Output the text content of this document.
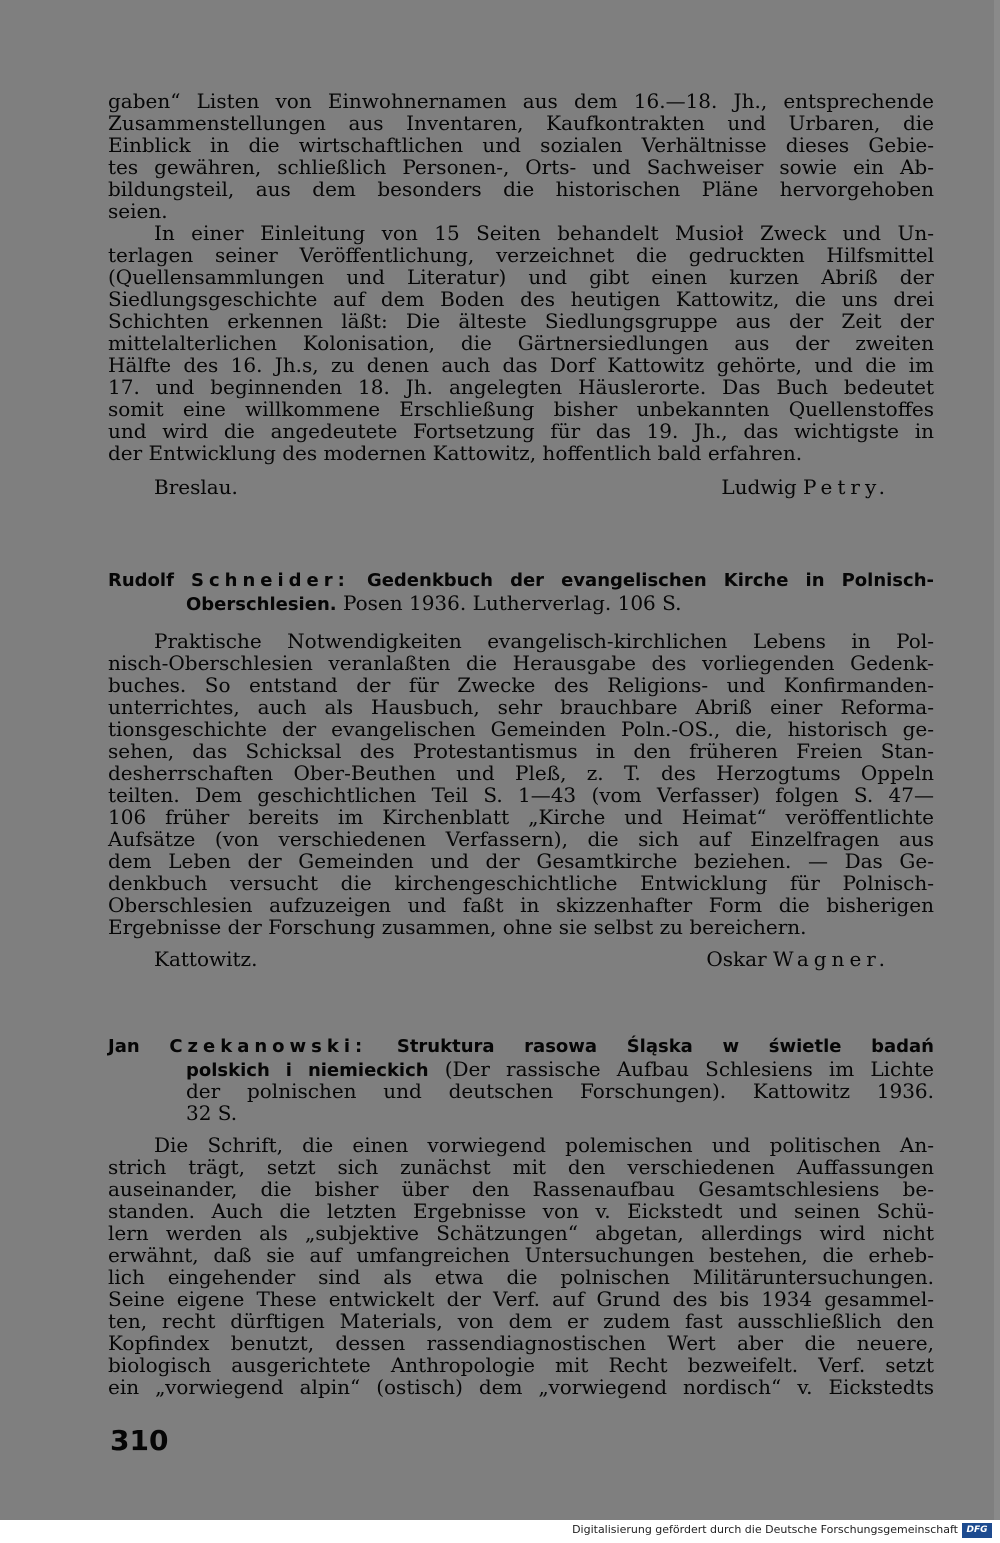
gaben“ Listen von Einwohnernamen aus dem 16.—18. Jh., entsprechende
Zusammenstellungen aus Inventaren, Kaufkontrakten und Urbaren, die
Einblick in die wirtschaftlichen und sozialen Verhältnisse dieses Gebie-
tes gewähren, schließlich Personen-, Orts- und Sachweiser sowie ein Ab-
bildungsteil, aus dem besonders die historischen Pläne hervorgehoben
seien.
In einer Einleitung von 15 Seiten behandelt Musioł Zweck und Un-
terlagen seiner Veröffentlichung, verzeichnet die gedruckten Hilfsmittel
(Quellensammlungen und Literatur) und gibt einen kurzen Abriß der
Siedlungsgeschichte auf dem Boden des heutigen Kattowitz, die uns drei
Schichten erkennen läßt: Die älteste Siedlungsgruppe aus der Zeit der
mittelalterlichen Kolonisation, die Gärtnersiedlungen aus der zweiten
Hälfte des 16. Jh.s, zu denen auch das Dorf Kattowitz gehörte, und die im
17. und beginnenden 18. Jh. angelegten Häuslerorte. Das Buch bedeutet
somit eine willkommene Erschließung bisher unbekannten Quellenstoffes
und wird die angedeutete Fortsetzung für das 19. Jh., das wichtigste in
der Entwicklung des modernen Kattowitz, hoffentlich bald erfahren.
Breslau.	Ludwig Petry.
Rudolf Schneider: Gedenkbuch der evangelischen Kirche in Polnisch-
Oberschlesien. Posen 1936. Lutherverlag. 106 S.
Praktische Notwendigkeiten evangelisch-kirchlichen Lebens in Pol-
nisch-Oberschlesien veranlaßten die Herausgabe des vorliegenden Gedenk-
buches. So entstand der für Zwecke des Religions- und Konfirmanden-
unterrichtes, auch als Hausbuch, sehr brauchbare Abriß einer Reforma-
tionsgeschichte der evangelischen Gemeinden Poln.-OS., die, historisch ge-
sehen, das Schicksal des Protestantismus in den früheren Freien Stan-
desherrschaften Ober-Beuthen und Pleß, z. T. des Herzogtums Oppeln
teilten. Dem geschichtlichen Teil S. 1—43 (vom Verfasser) folgen S. 47—
106 früher bereits im Kirchenblatt „Kirche und Heimat“ veröffentlichte
Aufsätze (von verschiedenen Verfassern), die sich auf Einzelfragen aus
dem Leben der Gemeinden und der Gesamtkirche beziehen. — Das Ge-
denkbuch versucht die kirchengeschichtliche Entwicklung für Polnisch-
Oberschlesien aufzuzeigen und faßt in skizzenhafter Form die bisherigen
Ergebnisse der Forschung zusammen, ohne sie selbst zu bereichern.
Kattowitz.	Oskar Wagner.
Jan Czekanowski: Struktura rasowa Śląska w świetle badań
polskich i niemieckich (Der rassische Aufbau Schlesiens im Lichte
der polnischen und deutschen Forschungen). Kattowitz 1936.
32 S.
Die Schrift, die einen vorwiegend polemischen und politischen An-
strich trägt, setzt sich zunächst mit den verschiedenen Auffassungen
auseinander, die bisher über den Rassenaufbau Gesamtschlesiens be-
standen. Auch die letzten Ergebnisse von v. Eickstedt und seinen Schü-
lern werden als „subjektive Schätzungen“ abgetan, allerdings wird nicht
erwähnt, daß sie auf umfangreichen Untersuchungen bestehen, die erheb-
lich eingehender sind als etwa die polnischen Militäruntersuchungen.
Seine eigene These entwickelt der Verf. auf Grund des bis 1934 gesammel-
ten, recht dürftigen Materials, von dem er zudem fast ausschließlich den
Kopfindex benutzt, dessen rassendiagnostischen Wert aber die neuere,
biologisch ausgerichtete Anthropologie mit Recht bezweifelt. Verf. setzt
ein „vorwiegend alpin“ (ostisch) dem „vorwiegend nordisch“ v. Eickstedts
310
Digitalisierung gefördert durch die Deutsche Forschungsgemeinschaft DFG
